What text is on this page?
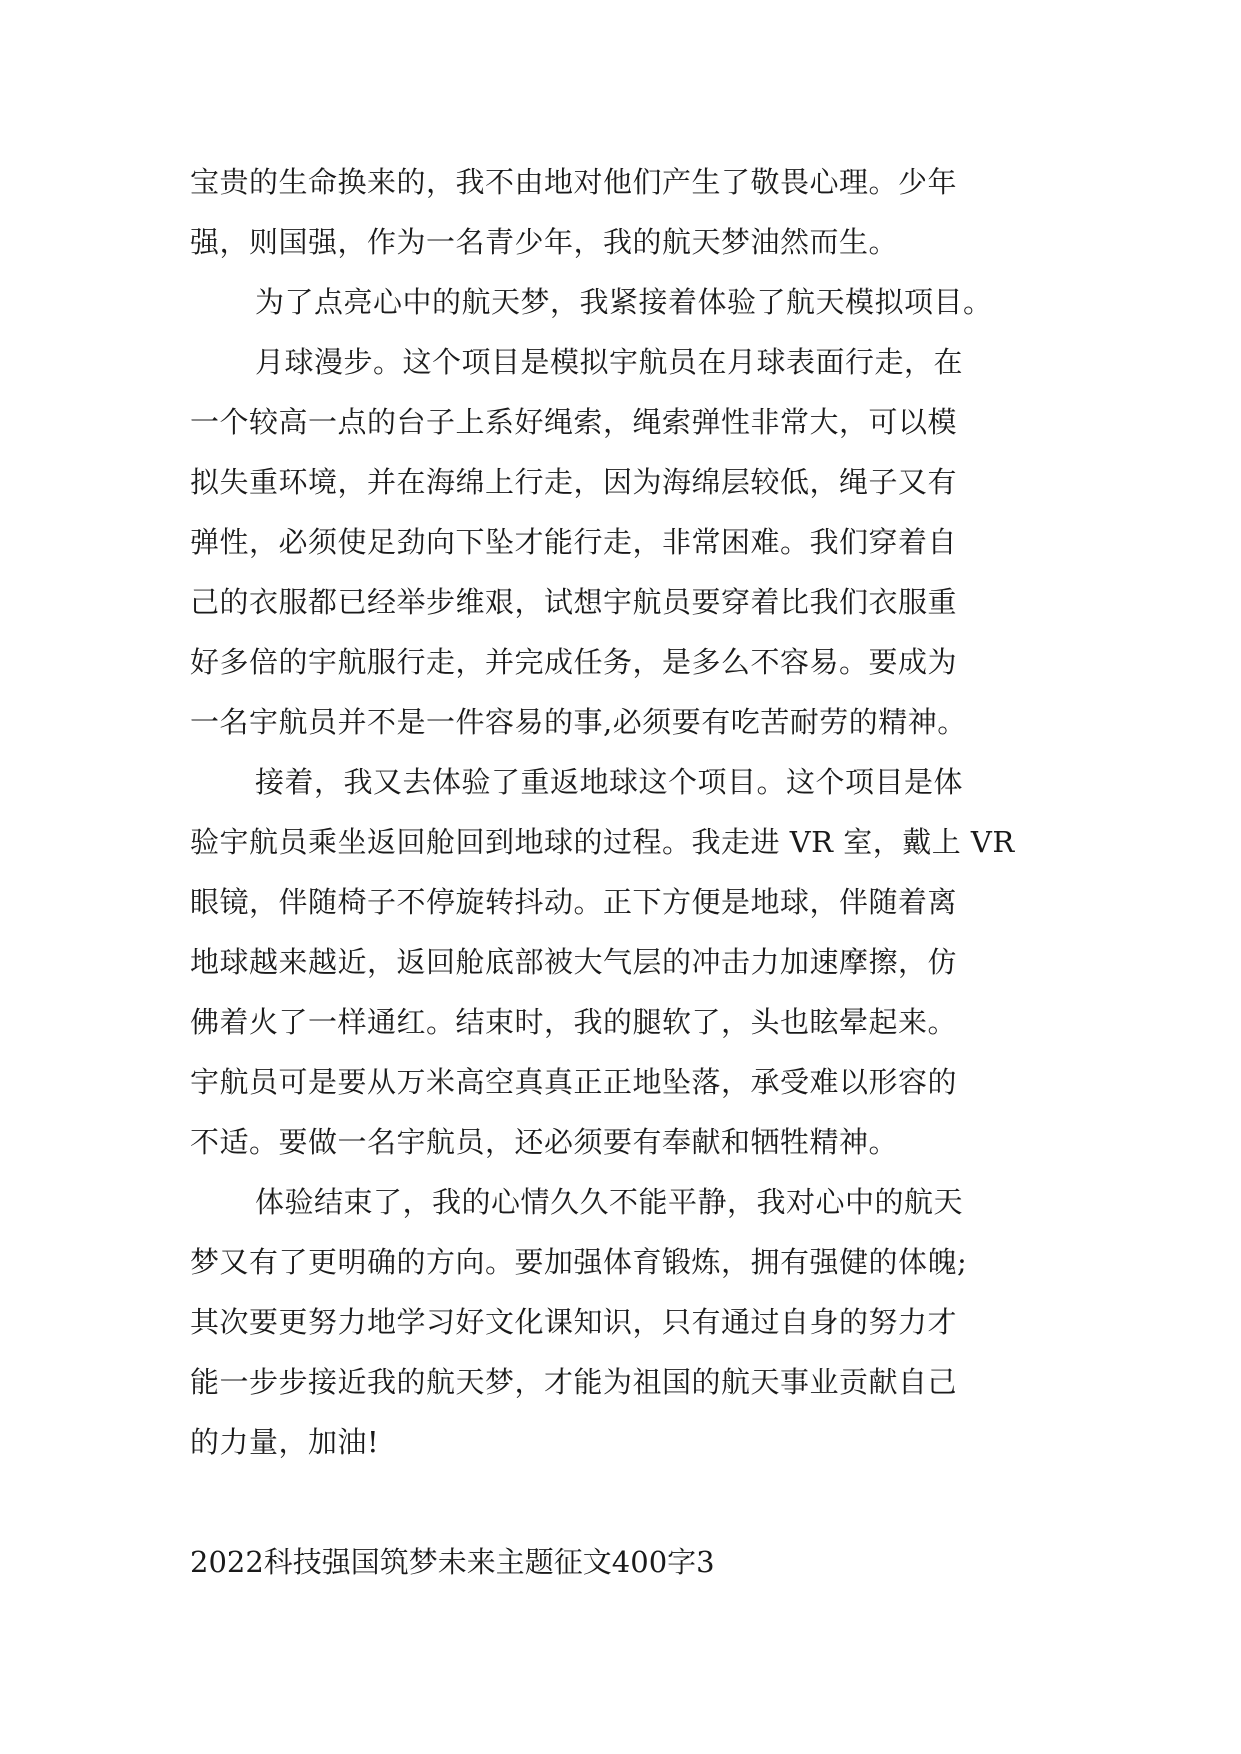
宝贵的生命换来的，我不由地对他们产生了敬畏心理。少年
强，则国强，作为一名青少年，我的航天梦油然而生。
为了点亮心中的航天梦，我紧接着体验了航天模拟项目。
月球漫步。这个项目是模拟宇航员在月球表面行走，在
一个较高一点的台子上系好绳索，绳索弹性非常大，可以模
拟失重环境，并在海绵上行走，因为海绵层较低，绳子又有
弹性，必须使足劲向下坠才能行走，非常困难。我们穿着自
己的衣服都已经举步维艰，试想宇航员要穿着比我们衣服重
好多倍的宇航服行走，并完成任务，是多么不容易。要成为
一名宇航员并不是一件容易的事,必须要有吃苦耐劳的精神。
接着，我又去体验了重返地球这个项目。这个项目是体
验宇航员乘坐返回舱回到地球的过程。我走进 VR 室，戴上 VR
眼镜，伴随椅子不停旋转抖动。正下方便是地球，伴随着离
地球越来越近，返回舱底部被大气层的冲击力加速摩擦，仿
佛着火了一样通红。结束时，我的腿软了，头也眩晕起来。
宇航员可是要从万米高空真真正正地坠落，承受难以形容的
不适。要做一名宇航员，还必须要有奉献和牺牲精神。
体验结束了，我的心情久久不能平静，我对心中的航天
梦又有了更明确的方向。要加强体育锻炼，拥有强健的体魄;
其次要更努力地学习好文化课知识，只有通过自身的努力才
能一步步接近我的航天梦，才能为祖国的航天事业贡献自己
的力量，加油!
2022科技强国筑梦未来主题征文400字3
